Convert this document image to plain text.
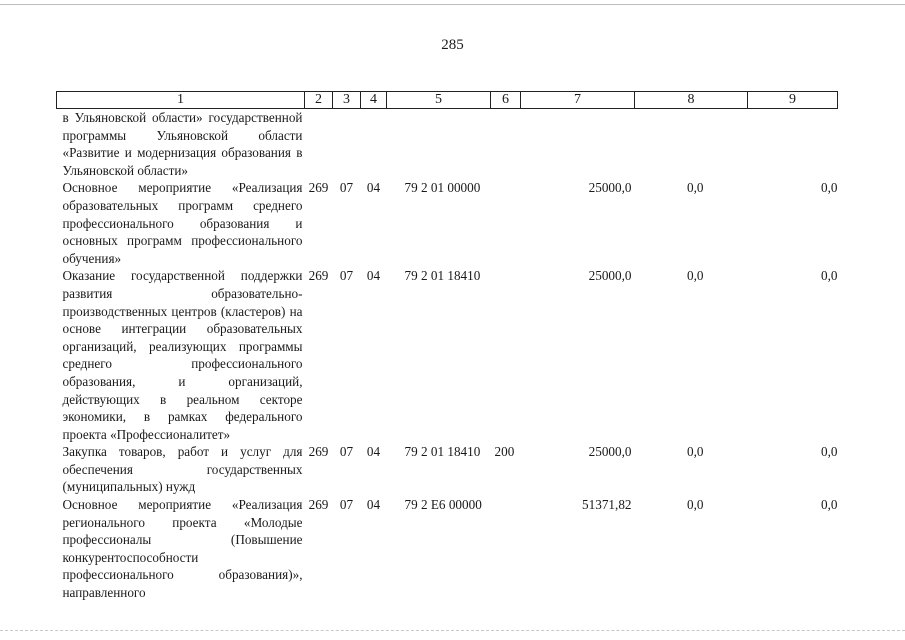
285
1	2	3	4	5	6	7	8	9
в Ульяновской области» государственной программы Ульяновской области «Развитие и модернизация образования в Ульяновской области»								
Основное мероприятие «Реализация образовательных программ среднего профессионального образования и основных программ профессионального обучения»	269	07	04	79 2 01 00000		25000,0	0,0	0,0
Оказание государственной поддержки развития образовательно-производственных центров (кластеров) на основе интеграции образовательных организаций, реализующих программы среднего профессионального образования, и организаций, действующих в реальном секторе экономики, в рамках федерального проекта «Профессионалитет»	269	07	04	79 2 01 18410		25000,0	0,0	0,0
Закупка товаров, работ и услуг для обеспечения государственных (муниципальных) нужд	269	07	04	79 2 01 18410	200	25000,0	0,0	0,0
Основное мероприятие «Реализация регионального проекта «Молодые профессионалы (Повышение конкурентоспособности профессионального образования)», направленного	269	07	04	79 2 E6 00000		51371,82	0,0	0,0
